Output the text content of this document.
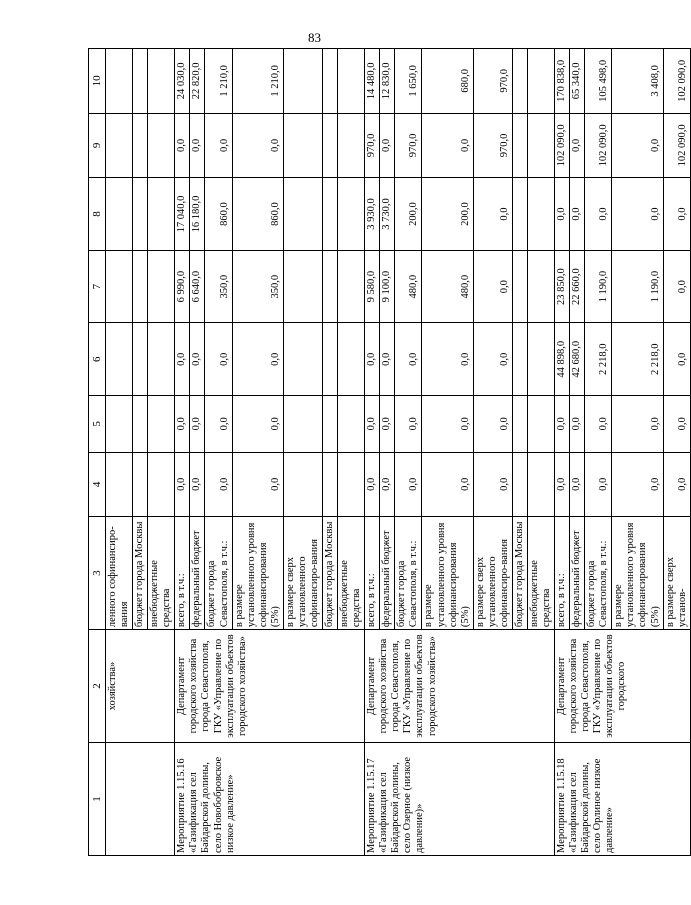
83
1	2	3	4	5	6	7	8	9	10
	хозяйства»	ленного софинансиро-вания							
		бюджет города Москвы							
		внебюджетные средства							
Мероприятие 1.15.16 «Газификация сел Байдарской долины, село Новобобровское низкое давление»	Департамент городского хозяйства города Севастополя, ГКУ «Управление по эксплуатации объектов городского хозяйства»	всего, в т.ч.:	0,0	0,0	0,0	6 990,0	17 040,0	0,0	24 030,0
		федеральный бюджет	0,0	0,0	0,0	6 640,0	16 180,0	0,0	22 820,0
		бюджет города Севастополя, в т.ч.:	0,0	0,0	0,0	350,0	860,0	0,0	1 210,0
		в размере установленного уровня софинансирования (5%)	0,0	0,0	0,0	350,0	860,0	0,0	1 210,0
		в размере сверх установленного софинансиро-вания							
		бюджет города Москвы							
		внебюджетные средства							
Мероприятие 1.15.17 «Газификация сел Байдарской долины, село Озерное (низкое давление)»	Департамент городского хозяйства города Севастополя, ГКУ «Управление по эксплуатации объектов городского хозяйства»	всего, в т.ч.:	0,0	0,0	0,0	9 580,0	3 930,0	970,0	14 480,0
		федеральный бюджет	0,0	0,0	0,0	9 100,0	3 730,0	0,0	12 830,0
		бюджет города Севастополя, в т.ч.:	0,0	0,0	0,0	480,0	200,0	970,0	1 650,0
		в размере установленного уровня софинансирования (5%)	0,0	0,0	0,0	480,0	200,0	0,0	680,0
		в размере сверх установленного софинансиро-вания	0,0	0,0	0,0	0,0	0,0	970,0	970,0
		бюджет города Москвы							
		внебюджетные средства							
Мероприятие 1.15.18 «Газификация сел Байдарской долины, село Орлиное низкое давление»	Департамент городского хозяйства города Севастополя, ГКУ «Управление по эксплуатации объектов городского	всего, в т.ч.:	0,0	0,0	44 898,0	23 850,0	0,0	102 090,0	170 838,0
		федеральный бюджет	0,0	0,0	42 680,0	22 660,0	0,0	0,0	65 340,0
		бюджет города Севастополя, в т.ч.:	0,0	0,0	2 218,0	1 190,0	0,0	102 090,0	105 498,0
		в размере установленного уровня софинансирования (5%)	0,0	0,0	2 218,0	1 190,0	0,0	0,0	3 408,0
		в размере сверх установ-	0,0	0,0	0,0	0,0	0,0	102 090,0	102 090,0
